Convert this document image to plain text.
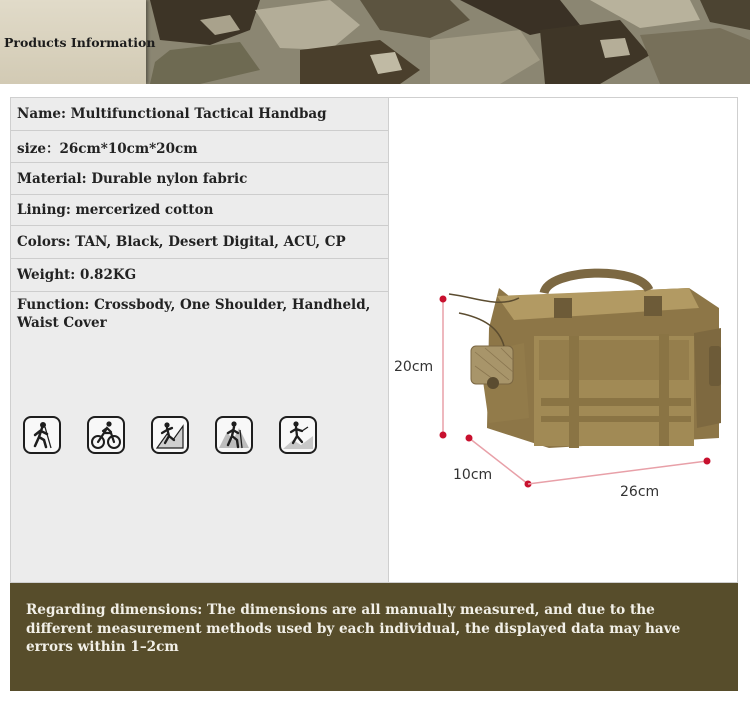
Products Information
Name: Multifunctional Tactical Handbag
size：26cm*10cm*20cm
Material: Durable nylon fabric
Lining: mercerized cotton
Colors: TAN, Black, Desert Digital, ACU, CP
Weight: 0.82KG
Function: Crossbody, One Shoulder, Handheld, Waist Cover
20cm
10cm
26cm

Regarding dimensions: The dimensions are all manually measured, and due to the different measurement methods used by each individual, the displayed data may have errors within 1–2cm
